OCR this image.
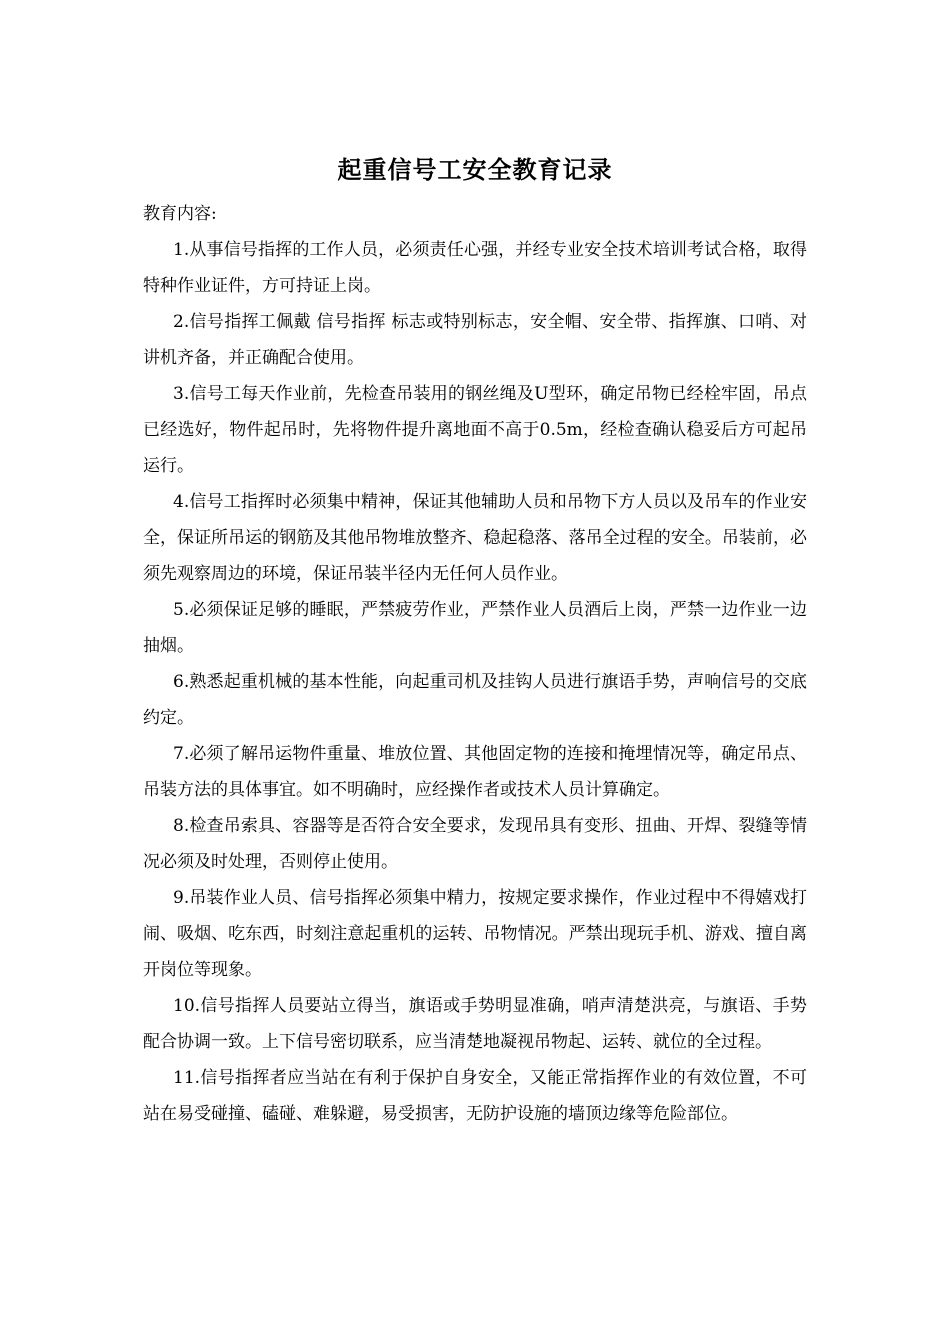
起重信号工安全教育记录

教育内容:

1.从事信号指挥的工作人员，必须责任心强，并经专业安全技术培训考试合格，取得特种作业证件，方可持证上岗。

2.信号指挥工佩戴 信号指挥 标志或特别标志，安全帽、安全带、指挥旗、口哨、对讲机齐备，并正确配合使用。

3.信号工每天作业前，先检查吊装用的钢丝绳及U型环，确定吊物已经栓牢固，吊点已经选好，物件起吊时，先将物件提升离地面不高于0.5m，经检查确认稳妥后方可起吊运行。

4.信号工指挥时必须集中精神，保证其他辅助人员和吊物下方人员以及吊车的作业安全，保证所吊运的钢筋及其他吊物堆放整齐、稳起稳落、落吊全过程的安全。吊装前，必须先观察周边的环境，保证吊装半径内无任何人员作业。

5.必须保证足够的睡眠，严禁疲劳作业，严禁作业人员酒后上岗，严禁一边作业一边抽烟。

6.熟悉起重机械的基本性能，向起重司机及挂钩人员进行旗语手势，声响信号的交底约定。

7.必须了解吊运物件重量、堆放位置、其他固定物的连接和掩埋情况等，确定吊点、吊装方法的具体事宜。如不明确时，应经操作者或技术人员计算确定。

8.检查吊索具、容器等是否符合安全要求，发现吊具有变形、扭曲、开焊、裂缝等情况必须及时处理，否则停止使用。

9.吊装作业人员、信号指挥必须集中精力，按规定要求操作，作业过程中不得嬉戏打闹、吸烟、吃东西，时刻注意起重机的运转、吊物情况。严禁出现玩手机、游戏、擅自离开岗位等现象。

10.信号指挥人员要站立得当，旗语或手势明显准确，哨声清楚洪亮，与旗语、手势配合协调一致。上下信号密切联系，应当清楚地凝视吊物起、运转、就位的全过程。

11.信号指挥者应当站在有利于保护自身安全，又能正常指挥作业的有效位置，不可站在易受碰撞、磕碰、难躲避，易受损害，无防护设施的墙顶边缘等危险部位。
